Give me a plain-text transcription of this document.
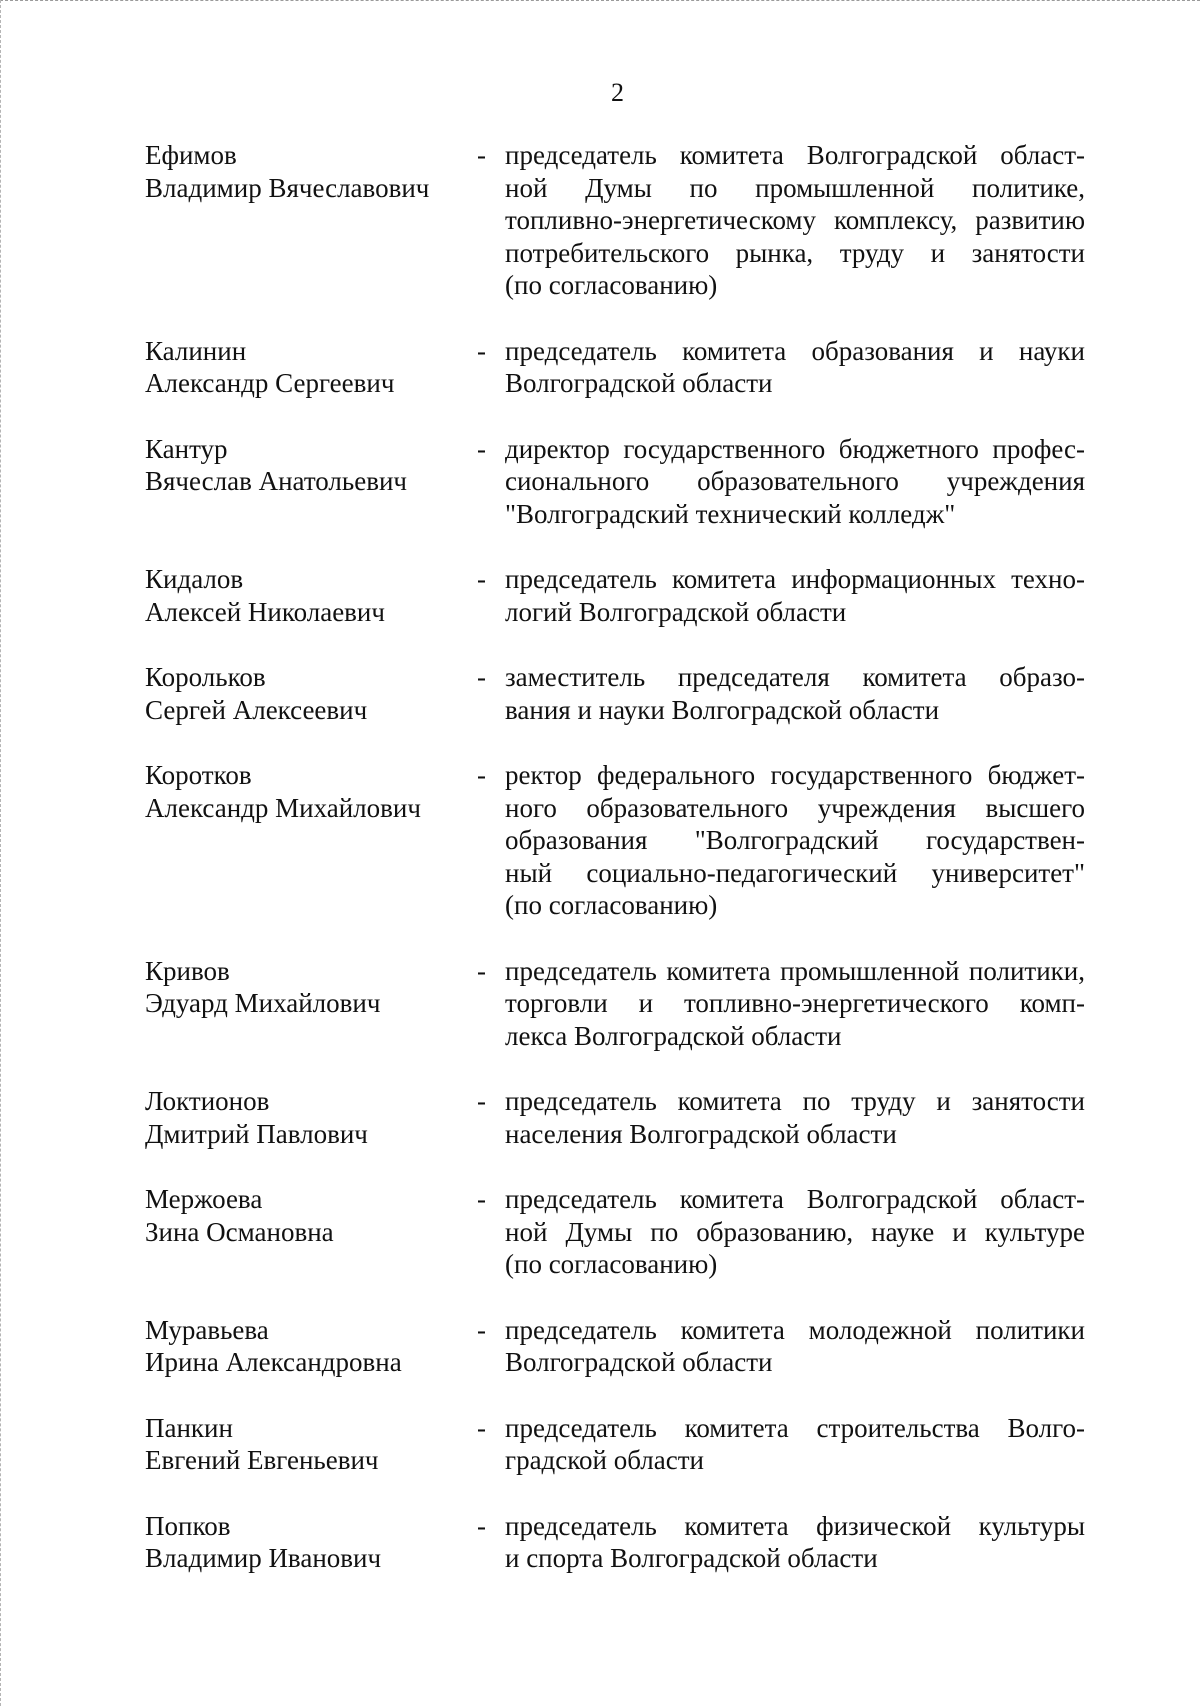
2
Ефимов
Владимир Вячеславович
- председатель комитета Волгоградской област-
ной Думы по промышленной политике,
топливно-энергетическому комплексу, развитию
потребительского рынка, труду и занятости
(по согласованию)
Калинин
Александр Сергеевич
- председатель комитета образования и науки
Волгоградской области
Кантур
Вячеслав Анатольевич
- директор государственного бюджетного профес-
сионального образовательного учреждения
"Волгоградский технический колледж"
Кидалов
Алексей Николаевич
- председатель комитета информационных техно-
логий Волгоградской области
Корольков
Сергей Алексеевич
- заместитель председателя комитета образо-
вания и науки Волгоградской области
Коротков
Александр Михайлович
- ректор федерального государственного бюджет-
ного образовательного учреждения высшего
образования "Волгоградский государствен-
ный социально-педагогический университет"
(по согласованию)
Кривов
Эдуард Михайлович
- председатель комитета промышленной политики,
торговли и топливно-энергетического комп-
лекса Волгоградской области
Локтионов
Дмитрий Павлович
- председатель комитета по труду и занятости
населения Волгоградской области
Мержоева
Зина Османовна
- председатель комитета Волгоградской област-
ной Думы по образованию, науке и культуре
(по согласованию)
Муравьева
Ирина Александровна
- председатель комитета молодежной политики
Волгоградской области
Панкин
Евгений Евгеньевич
- председатель комитета строительства Волго-
градской области
Попков
Владимир Иванович
- председатель комитета физической культуры
и спорта Волгоградской области
